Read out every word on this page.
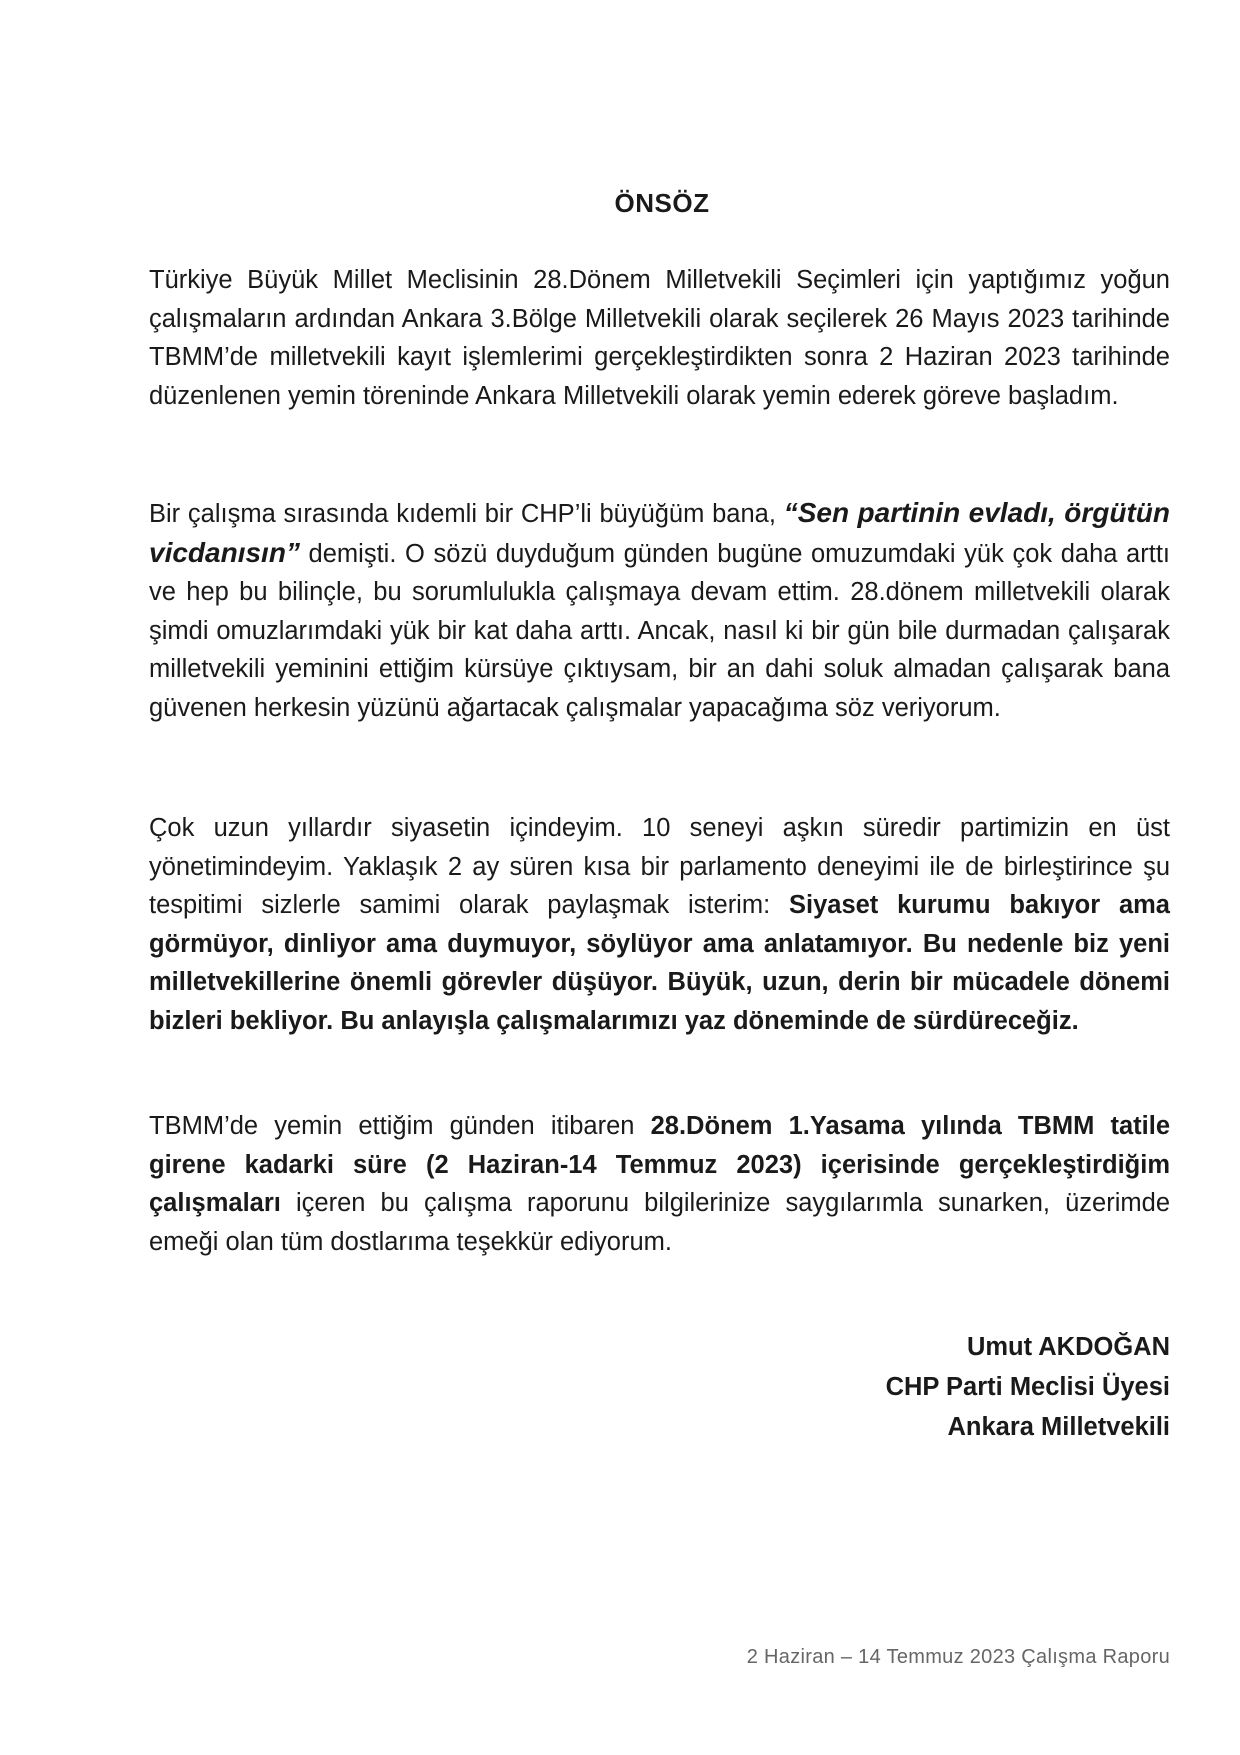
ÖNSÖZ

Türkiye Büyük Millet Meclisinin 28.Dönem Milletvekili Seçimleri için yaptığımız yoğun çalışmaların ardından Ankara 3.Bölge Milletvekili olarak seçilerek 26 Mayıs 2023 tarihinde TBMM’de milletvekili kayıt işlemlerimi gerçekleştirdikten sonra 2 Haziran 2023 tarihinde düzenlenen yemin töreninde Ankara Milletvekili olarak yemin ederek göreve başladım.

Bir çalışma sırasında kıdemli bir CHP’li büyüğüm bana, “Sen partinin evladı, örgütün vicdanısın” demişti. O sözü duyduğum günden bugüne omuzumdaki yük çok daha arttı ve hep bu bilinçle, bu sorumlulukla çalışmaya devam ettim. 28.dönem milletvekili olarak şimdi omuzlarımdaki yük bir kat daha arttı. Ancak, nasıl ki bir gün bile durmadan çalışarak milletvekili yeminini ettiğim kürsüye çıktıysam, bir an dahi soluk almadan çalışarak bana güvenen herkesin yüzünü ağartacak çalışmalar yapacağıma söz veriyorum.

Çok uzun yıllardır siyasetin içindeyim. 10 seneyi aşkın süredir partimizin en üst yönetimindeyim. Yaklaşık 2 ay süren kısa bir parlamento deneyimi ile de birleştirince şu tespitimi sizlerle samimi olarak paylaşmak isterim: Siyaset kurumu bakıyor ama görmüyor, dinliyor ama duymuyor, söylüyor ama anlatamıyor. Bu nedenle biz yeni milletvekillerine önemli görevler düşüyor. Büyük, uzun, derin bir mücadele dönemi bizleri bekliyor. Bu anlayışla çalışmalarımızı yaz döneminde de sürdüreceğiz.

TBMM’de yemin ettiğim günden itibaren 28.Dönem 1.Yasama yılında TBMM tatile girene kadarki süre (2 Haziran-14 Temmuz 2023) içerisinde gerçekleştirdiğim çalışmaları içeren bu çalışma raporunu bilgilerinize saygılarımla sunarken, üzerimde emeği olan tüm dostlarıma teşekkür ediyorum.

Umut AKDOĞAN
CHP Parti Meclisi Üyesi
Ankara Milletvekili
2 Haziran – 14 Temmuz 2023 Çalışma Raporu
